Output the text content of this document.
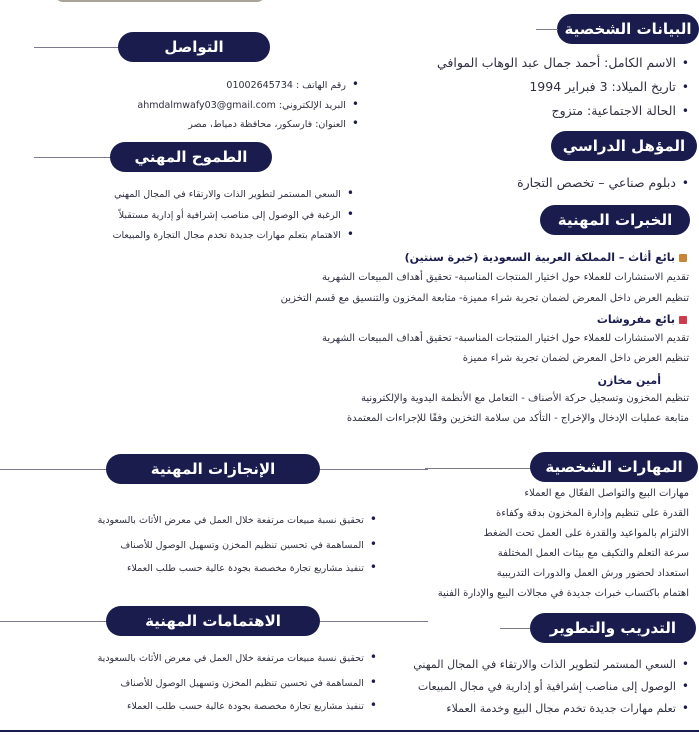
البيانات الشخصية
• الاسم الكامل: أحمد جمال عبد الوهاب الموافي
• تاريخ الميلاد: 3 فبراير 1994
• الحالة الاجتماعية: متزوج
المؤهل الدراسي
• دبلوم صناعي – تخصص التجارة
الخبرات المهنية
بائع أثاث – المملكة العربية السعودية (خبرة سنتين)
تقديم الاستشارات للعملاء حول اختيار المنتجات المناسبة- تحقيق أهداف المبيعات الشهرية
تنظيم العرض داخل المعرض لضمان تجربة شراء مميزة- متابعة المخزون والتنسيق مع قسم التخزين
بائع مفروشات
تقديم الاستشارات للعملاء حول اختيار المنتجات المناسبة- تحقيق أهداف المبيعات الشهرية
تنظيم العرض داخل المعرض لضمان تجربة شراء مميزة
أمين مخازن
تنظيم المخزون وتسجيل حركة الأصناف - التعامل مع الأنظمة اليدوية والإلكترونية
متابعة عمليات الإدخال والإخراج - التأكد من سلامة التخزين وفقًا للإجراءات المعتمدة
المهارات الشخصية
مهارات البيع والتواصل الفعّال مع العملاء
القدرة على تنظيم وإدارة المخزون بدقة وكفاءة
الالتزام بالمواعيد والقدرة على العمل تحت الضغط
سرعة التعلم والتكيف مع بيئات العمل المختلفة
استعداد لحضور ورش العمل والدورات التدريبية
اهتمام باكتساب خبرات جديدة في مجالات البيع والإدارة الفنية
التدريب والتطوير
• السعي المستمر لتطوير الذات والارتقاء في المجال المهني
• الوصول إلى مناصب إشرافية أو إدارية في مجال المبيعات
• تعلم مهارات جديدة تخدم مجال البيع وخدمة العملاء
التواصل
• رقم الهاتف : 01002645734
• البريد الإلكتروني: ahmdalmwafy03@gmail.com
• العنوان: فارسكور، محافظة دمياط، مصر
الطموح المهني
• السعي المستمر لتطوير الذات والارتقاء في المجال المهني
• الرغبة في الوصول إلى مناصب إشرافية أو إدارية مستقبلاً
• الاهتمام بتعلم مهارات جديدة تخدم مجال التجارة والمبيعات
الإنجازات المهنية
• تحقيق نسبة مبيعات مرتفعة خلال العمل في معرض الأثاث بالسعودية
• المساهمة في تحسين تنظيم المخزن وتسهيل الوصول للأصناف
• تنفيذ مشاريع تجارة مخصصة بجودة عالية حسب طلب العملاء
الاهتمامات المهنية
• تحقيق نسبة مبيعات مرتفعة خلال العمل في معرض الأثاث بالسعودية
• المساهمة في تحسين تنظيم المخزن وتسهيل الوصول للأصناف
• تنفيذ مشاريع تجارة مخصصة بجودة عالية حسب طلب العملاء
